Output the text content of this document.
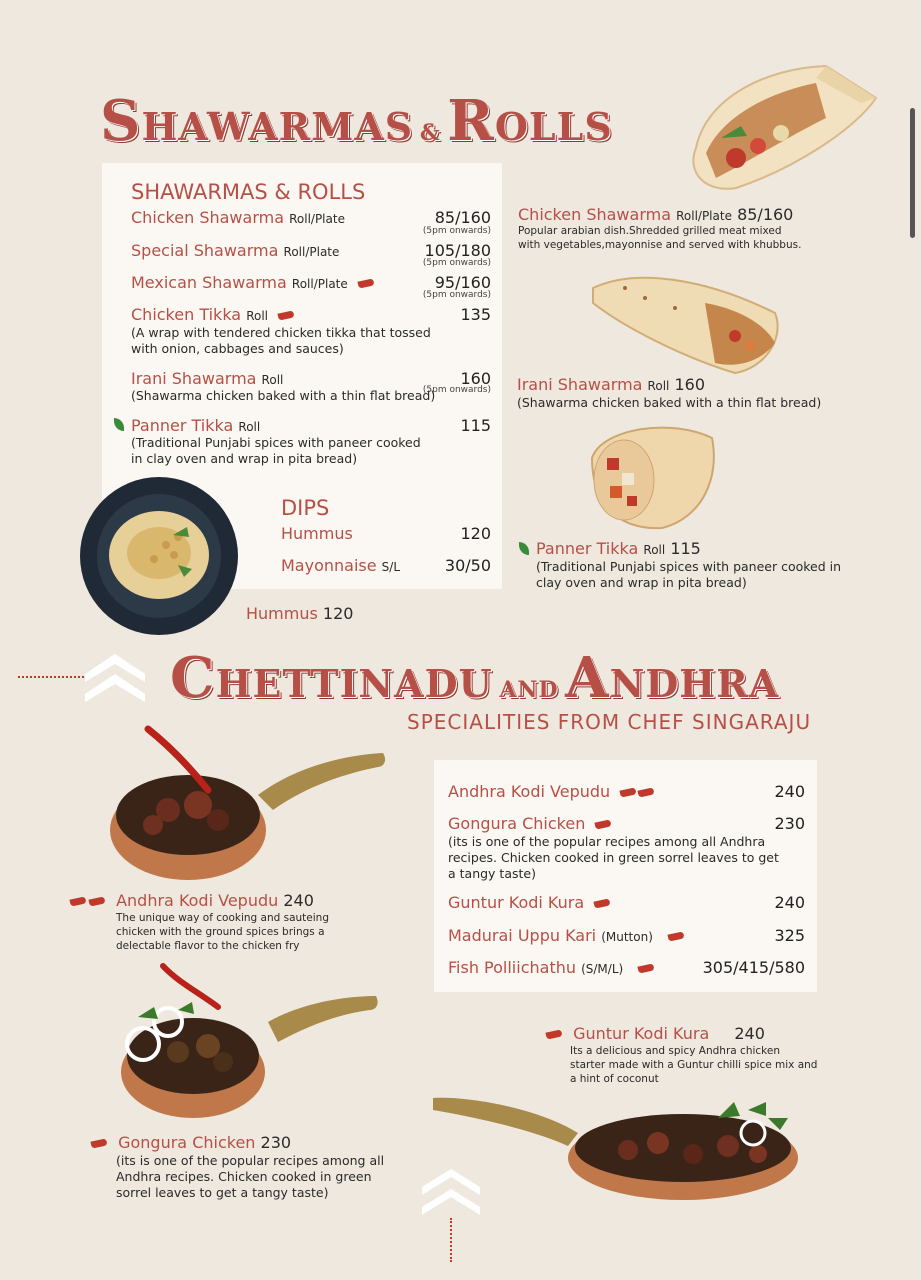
SHAWARMAS & ROLLS
SHAWARMAS & ROLLS
Chicken Shawarma Roll/Plate	85/160
(5pm onwards)
Special Shawarma Roll/Plate	105/180
(5pm onwards)
Mexican Shawarma Roll/Plate	95/160
(5pm onwards)
Chicken Tikka Roll	135
(A wrap with tendered chicken tikka that tossed with onion, cabbages and sauces)
Irani Shawarma Roll	160
(5pm onwards)
(Shawarma chicken baked with a thin flat bread)
Panner Tikka Roll	115
(Traditional Punjabi spices with paneer cooked in clay oven and wrap in pita bread)
DIPS
Hummus	120
Mayonnaise S/L	30/50
Hummus 120
Chicken Shawarma Roll/Plate 85/160
Popular arabian dish.Shredded grilled meat mixed
with vegetables,mayonnise and served with khubbus.
Irani Shawarma Roll 160
(Shawarma chicken baked with a thin flat bread)
Panner Tikka Roll 115
(Traditional Punjabi spices with paneer cooked in
clay oven and wrap in pita bread)
CHETTINADU AND ANDHRA
SPECIALITIES FROM CHEF SINGARAJU
Andhra Kodi Vepudu 240
The unique way of cooking and sauteing
chicken with the ground spices brings a
delectable flavor to the chicken fry
Andhra Kodi Vepudu	240
Gongura Chicken	230
(its is one of the popular recipes among all Andhra recipes. Chicken cooked in green sorrel leaves to get a tangy taste)
Guntur Kodi Kura	240
Madurai Uppu Kari (Mutton)	325
Fish Polliichathu (S/M/L)	305/415/580
Guntur Kodi Kura 240
Its a delicious and spicy Andhra chicken
starter made with a Guntur chilli spice mix and
a hint of coconut
Gongura Chicken 230
(its is one of the popular recipes among all
Andhra recipes. Chicken cooked in green
sorrel leaves to get a tangy taste)
